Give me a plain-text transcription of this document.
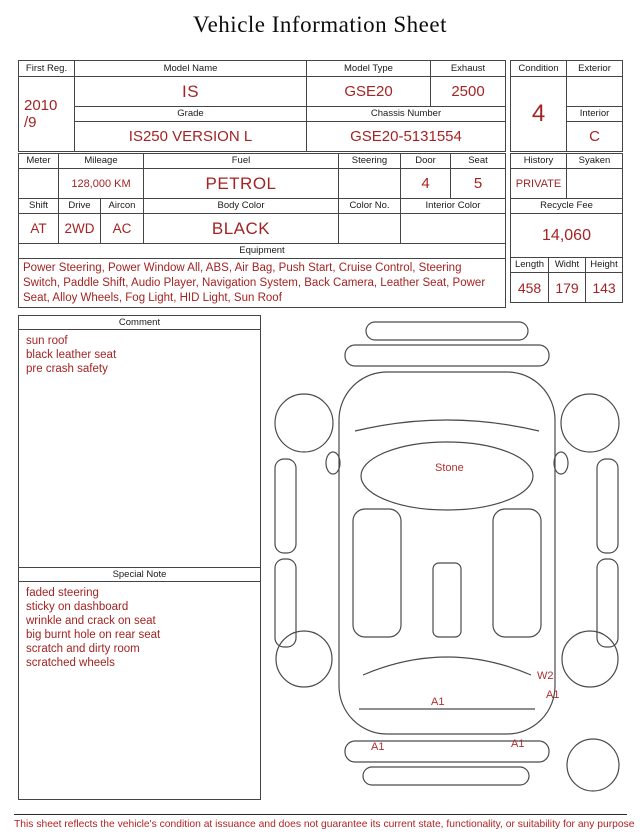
Vehicle Information Sheet
First Reg.	Model Name	Model Type	Exhaust

2010
/9	IS	GSE20	2500
	Grade	Chassis Number	
	IS250 VERSION L	GSE20-5131554	
Condition	Exterior
4	
	Interior
	C
Meter	Mileage		Fuel	Steering	Door	Seat
	128,000 KM		PETROL		4	5
Shift	Drive	Aircon	Body Color	Color No.	Interior Color	
AT	2WD	AC	BLACK			
Equipment						
Power Steering, Power Window All, ABS, Air Bag, Push Start, Cruise Control, Steering Switch, Paddle Shift, Audio Player, Navigation System, Back Camera, Leather Seat, Power Seat, Alloy Wheels, Fog Light, HID Light, Sun Roof						
History	Syaken
PRIVATE	
Recycle Fee
14,060
Length	Widht	Height
458	179	143
Comment
sun roof
black leather seat
pre crash safety
Special Note
faded steering
sticky on dashboard
wrinkle and crack on seat
big burnt hole on rear seat
scratch and dirty room
scratched wheels
Stone
A1
W2
A1
A1	A1
This sheet reflects the vehicle's condition at issuance and does not guarantee its current state, functionality, or suitability for any purpose
